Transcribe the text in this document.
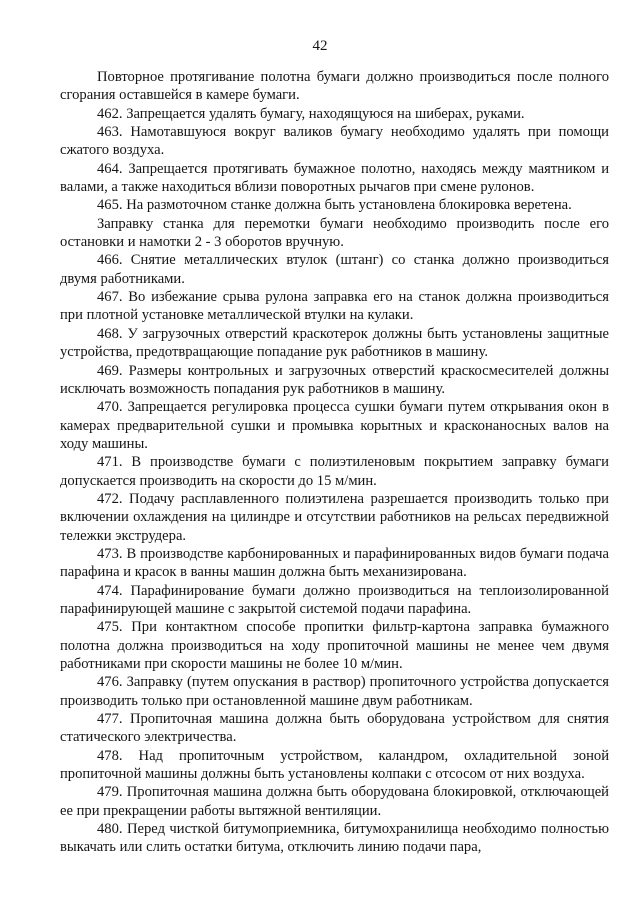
42

Повторное протягивание полотна бумаги должно производиться после полного сгорания оставшейся в камере бумаги.

462. Запрещается удалять бумагу, находящуюся на шиберах, руками.

463. Намотавшуюся вокруг валиков бумагу необходимо удалять при помощи сжатого воздуха.

464. Запрещается протягивать бумажное полотно, находясь между маятником и валами, а также находиться вблизи поворотных рычагов при смене рулонов.

465. На размоточном станке должна быть установлена блокировка веретена.

Заправку станка для перемотки бумаги необходимо производить после его остановки и намотки 2 - 3 оборотов вручную.

466. Снятие металлических втулок (штанг) со станка должно производиться двумя работниками.

467. Во избежание срыва рулона заправка его на станок должна производиться при плотной установке металлической втулки на кулаки.

468. У загрузочных отверстий краскотерок должны быть установлены защитные устройства, предотвращающие попадание рук работников в машину.

469. Размеры контрольных и загрузочных отверстий краскосмесителей должны исключать возможность попадания рук работников в машину.

470. Запрещается регулировка процесса сушки бумаги путем открывания окон в камерах предварительной сушки и промывка корытных и красконаносных валов на ходу машины.

471. В производстве бумаги с полиэтиленовым покрытием заправку бумаги допускается производить на скорости до 15 м/мин.

472. Подачу расплавленного полиэтилена разрешается производить только при включении охлаждения на цилиндре и отсутствии работников на рельсах передвижной тележки экструдера.

473. В производстве карбонированных и парафинированных видов бумаги подача парафина и красок в ванны машин должна быть механизирована.

474. Парафинирование бумаги должно производиться на теплоизолированной парафинирующей машине с закрытой системой подачи парафина.

475. При контактном способе пропитки фильтр-картона заправка бумажного полотна должна производиться на ходу пропиточной машины не менее чем двумя работниками при скорости машины не более 10 м/мин.

476. Заправку (путем опускания в раствор) пропиточного устройства допускается производить только при остановленной машине двум работникам.

477. Пропиточная машина должна быть оборудована устройством для снятия статического электричества.

478. Над пропиточным устройством, каландром, охладительной зоной пропиточной машины должны быть установлены колпаки с отсосом от них воздуха.

479. Пропиточная машина должна быть оборудована блокировкой, отключающей ее при прекращении работы вытяжной вентиляции.

480. Перед чисткой битумоприемника, битумохранилища необходимо полностью выкачать или слить остатки битума, отключить линию подачи пара,
